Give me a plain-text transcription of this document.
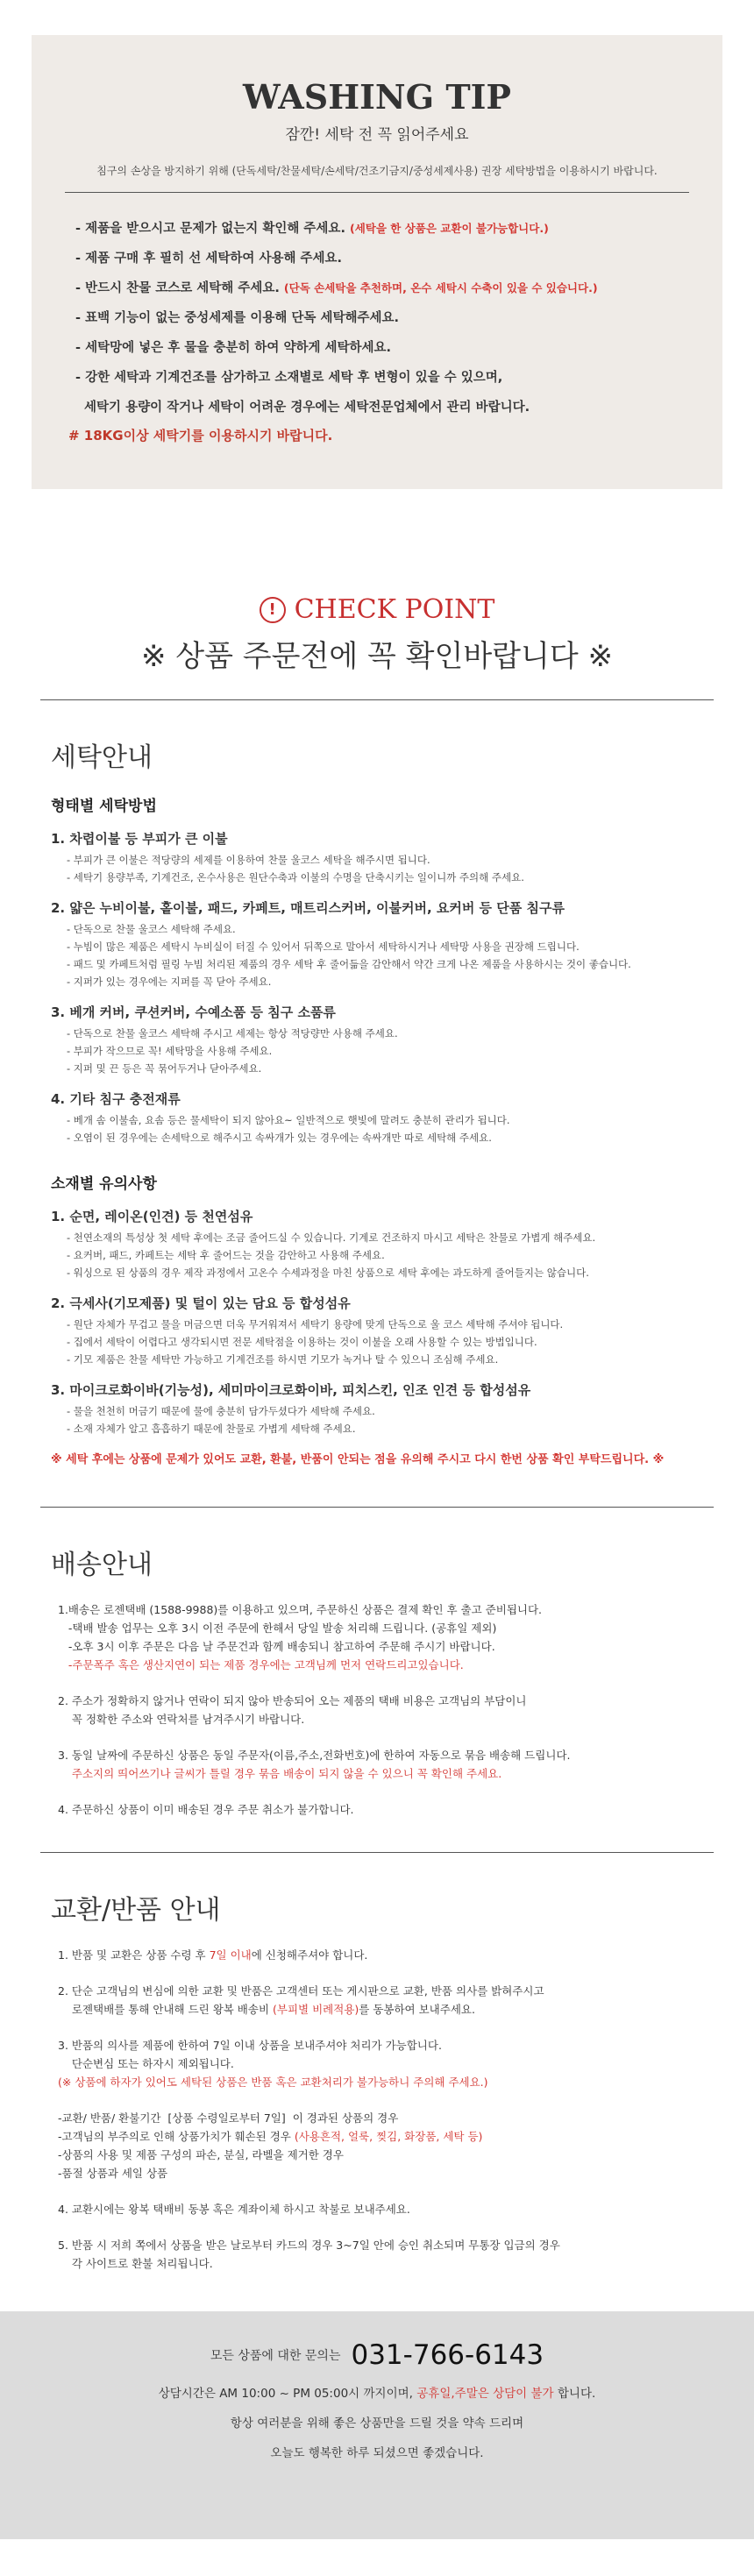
WASHING TIP
잠깐! 세탁 전 꼭 읽어주세요
침구의 손상을 방지하기 위해 (단독세탁/찬물세탁/손세탁/건조기금지/중성세제사용) 권장 세탁방법을 이용하시기 바랍니다.
- 제품을 받으시고 문제가 없는지 확인해 주세요. (세탁을 한 상품은 교환이 불가능합니다.)
- 제품 구매 후 필히 선 세탁하여 사용해 주세요.
- 반드시 찬물 코스로 세탁해 주세요. (단독 손세탁을 추천하며, 온수 세탁시 수축이 있을 수 있습니다.)
- 표백 기능이 없는 중성세제를 이용해 단독 세탁해주세요.
- 세탁망에 넣은 후 물을 충분히 하여 약하게 세탁하세요.
- 강한 세탁과 기계건조를 삼가하고 소재별로 세탁 후 변형이 있을 수 있으며,
세탁기 용량이 작거나 세탁이 어려운 경우에는 세탁전문업체에서 관리 바랍니다.
# 18KG이상 세탁기를 이용하시기 바랍니다.
! CHECK POINT
※ 상품 주문전에 꼭 확인바랍니다 ※
세탁안내
형태별 세탁방법
1. 차렵이불 등 부피가 큰 이불
- 부피가 큰 이불은 적당량의 세제를 이용하여 찬물 울코스 세탁을 해주시면 됩니다.
- 세탁기 용량부족, 기계건조, 온수사용은 원단수축과 이불의 수명을 단축시키는 일이니까 주의해 주세요.
2. 얇은 누비이불, 홑이불, 패드, 카페트, 매트리스커버, 이불커버, 요커버 등 단품 침구류
- 단독으로 찬물 울코스 세탁해 주세요.
- 누빔이 많은 제품은 세탁시 누비실이 터질 수 있어서 뒤쪽으로 말아서 세탁하시거나 세탁망 사용을 권장해 드립니다.
- 패드 및 카페트처럼 필링 누빔 처리된 제품의 경우 세탁 후 줄어듦을 감안해서 약간 크게 나온 제품을 사용하시는 것이 좋습니다.
- 지퍼가 있는 경우에는 지퍼를 꼭 닫아 주세요.
3. 베개 커버, 쿠션커버, 수예소품 등 침구 소품류
- 단독으로 찬물 울코스 세탁해 주시고 세제는 항상 적당량만 사용해 주세요.
- 부피가 작으므로 꼭! 세탁망을 사용해 주세요.
- 지퍼 및 끈 등은 꼭 묶어두거나 닫아주세요.
4. 기타 침구 충전재류
- 베개 솜 이불솜, 요솜 등은 물세탁이 되지 않아요~ 일반적으로 햇빛에 말려도 충분히 관리가 됩니다.
- 오염이 된 경우에는 손세탁으로 해주시고 속싸개가 있는 경우에는 속싸개만 따로 세탁해 주세요.
소재별 유의사항
1. 순면, 레이온(인견) 등 천연섬유
- 천연소재의 특성상 첫 세탁 후에는 조금 줄어드실 수 있습니다. 기계로 건조하지 마시고 세탁은 찬물로 가볍게 해주세요.
- 요커버, 패드, 카페트는 세탁 후 줄어드는 것을 감안하고 사용해 주세요.
- 워싱으로 된 상품의 경우 제작 과정에서 고온수 수세과정을 마친 상품으로 세탁 후에는 과도하게 줄어들지는 않습니다.
2. 극세사(기모제품) 및 털이 있는 담요 등 합성섬유
- 원단 자체가 무겁고 물을 머금으면 더욱 무거워져서 세탁기 용량에 맞게 단독으로 울 코스 세탁해 주셔야 됩니다.
- 집에서 세탁이 어렵다고 생각되시면 전문 세탁점을 이용하는 것이 이불을 오래 사용할 수 있는 방법입니다.
- 기모 제품은 찬물 세탁만 가능하고 기계건조를 하시면 기모가 녹거나 탈 수 있으니 조심해 주세요.
3. 마이크로화이바(기능성), 세미마이크로화이바, 피치스킨, 인조 인견 등 합성섬유
- 물을 천천히 머금기 때문에 물에 충분히 담가두셨다가 세탁해 주세요.
- 소재 자체가 알고 흡흡하기 때문에 찬물로 가볍게 세탁해 주세요.
※ 세탁 후에는 상품에 문제가 있어도 교환, 환불, 반품이 안되는 점을 유의해 주시고 다시 한번 상품 확인 부탁드립니다. ※
배송안내
1.배송은 로젠택배 (1588-9988)를 이용하고 있으며, 주문하신 상품은 결제 확인 후 출고 준비됩니다.
-택배 발송 업무는 오후 3시 이전 주문에 한해서 당일 발송 처리해 드립니다. (공휴일 제외)
-오후 3시 이후 주문은 다음 날 주문건과 함께 배송되니 참고하여 주문해 주시기 바랍니다.
-주문폭주 혹은 생산지연이 되는 제품 경우에는 고객님께 먼저 연락드리고있습니다.
2. 주소가 정확하지 않거나 연락이 되지 않아 반송되어 오는 제품의 택배 비용은 고객님의 부담이니
꼭 정확한 주소와 연락처를 남겨주시기 바랍니다.
3. 동일 날짜에 주문하신 상품은 동일 주문자(이름,주소,전화번호)에 한하여 자동으로 묶음 배송해 드립니다.
주소지의 띄어쓰기나 글씨가 틀릴 경우 묶음 배송이 되지 않을 수 있으니 꼭 확인해 주세요.
4. 주문하신 상품이 이미 배송된 경우 주문 취소가 불가합니다.
교환/반품 안내
1. 반품 및 교환은 상품 수령 후 7일 이내에 신청해주셔야 합니다.
2. 단순 고객님의 변심에 의한 교환 및 반품은 고객센터 또는 게시판으로 교환, 반품 의사를 밝혀주시고
로젠택배를 통해 안내해 드린 왕복 배송비 (부피별 비례적용)를 동봉하여 보내주세요.
3. 반품의 의사를 제품에 한하여 7일 이내 상품을 보내주셔야 처리가 가능합니다.
단순변심 또는 하자시 제외됩니다.
(※ 상품에 하자가 있어도 세탁된 상품은 반품 혹은 교환처리가 불가능하니 주의해 주세요.)
-교환/ 반품/ 환불기간  [상품 수령일로부터 7일]  이 경과된 상품의 경우
-고객님의 부주의로 인해 상품가치가 훼손된 경우 (사용흔적, 얼룩, 찢김, 화장품, 세탁 등)
-상품의 사용 및 제품 구성의 파손, 분실, 라벨을 제거한 경우
-품절 상품과 세일 상품
4. 교환시에는 왕복 택배비 동봉 혹은 계좌이체 하시고 착불로 보내주세요.
5. 반품 시 저희 쪽에서 상품을 받은 날로부터 카드의 경우 3~7일 안에 승인 취소되며 무통장 입금의 경우
각 사이트로 환불 처리됩니다.
모든 상품에 대한 문의는 031-766-6143
상담시간은 AM 10:00 ~ PM 05:00시 까지이며, 공휴일,주말은 상담이 불가 합니다.
항상 여러분을 위해 좋은 상품만을 드릴 것을 약속 드리며
오늘도 행복한 하루 되셨으면 좋겠습니다.
